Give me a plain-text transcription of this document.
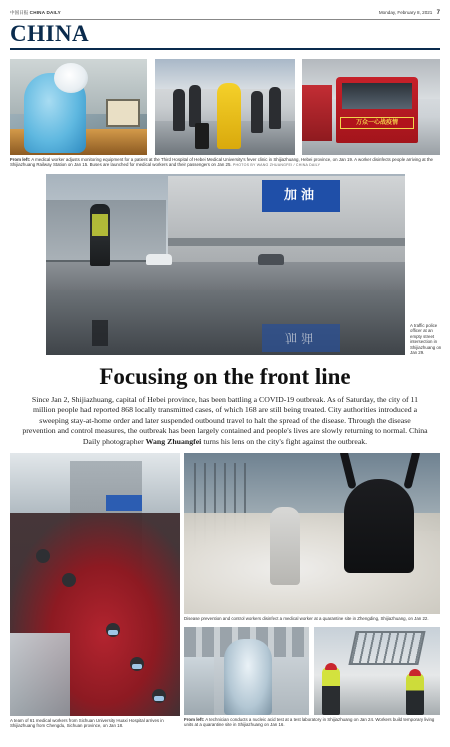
中国日报 CHINA DAILY	Monday, February 8, 2021 7
CHINA
万众一心战疫情
From left: A medical worker adjusts monitoring equipment for a patient at the Third Hospital of Hebei Medical University's fever clinic in Shijiazhuang, Hebei province, on Jan 19. A worker disinfects people arriving at the Shijiazhuang Railway Station on Jan 15. Buses are launched for medical workers and their passengers on Jan 25. PHOTOS BY WANG ZHUANGFEI / CHINA DAILY
加油
加油
A traffic police officer at an empty street intersection in Shijiazhuang on Jan 29.
Focusing on the front line
Since Jan 2, Shijiazhuang, capital of Hebei province, has been battling a COVID-19 outbreak. As of Saturday, the city of 11 million people had reported 868 locally transmitted cases, of which 168 are still being treated. City authorities introduced a sweeping stay-at-home order and later suspended outbound travel to halt the spread of the disease. Through the disease prevention and control measures, the outbreak has been largely contained and people's lives are slowly returning to normal. China Daily photographer Wang Zhuangfei turns his lens on the city's fight against the outbreak.
A team of 61 medical workers from Sichuan University Huaxi Hospital arrives in Shijiazhuang from Chengdu, Sichuan province, on Jan 18.
Disease prevention and control workers disinfect a medical worker at a quarantine site in Zhengding, Shijiazhuang, on Jan 22.
From left: A technician conducts a nucleic acid test at a test laboratory in Shijiazhuang on Jan 24. Workers build temporary living units at a quarantine site in Shijiazhuang on Jan 16.
